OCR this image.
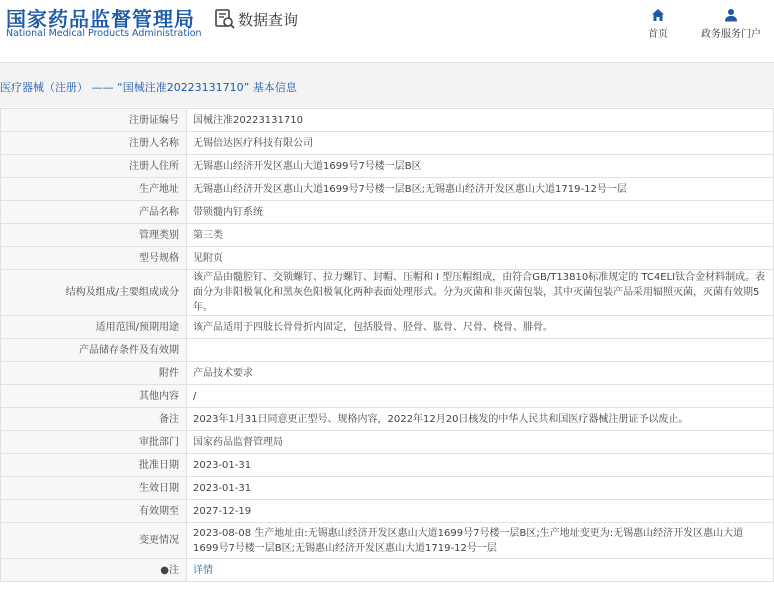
国家药品监督管理局
National Medical Products Administration
数据查询
首页	政务服务门户
医疗器械（注册） —— “国械注准20223131710” 基本信息
注册证编号	国械注准20223131710
注册人名称	无锡倍达医疗科技有限公司
注册人住所	无锡惠山经济开发区惠山大道1699号7号楼一层B区
生产地址	无锡惠山经济开发区惠山大道1699号7号楼一层B区;无锡惠山经济开发区惠山大道1719-12号一层
产品名称	带锁髓内钉系统
管理类别	第三类
型号规格	见附页
结构及组成/主要组成成分	该产品由髓腔钉、交锁螺钉、拉力螺钉、封帽、压帽和 I 型压帽组成，由符合GB/T13810标准规定的 TC4ELI钛合金材料制成。表面分为非阳极氧化和黑灰色阳极氧化两种表面处理形式。分为灭菌和非灭菌包装，其中灭菌包装产品采用辐照灭菌，灭菌有效期5年。
适用范围/预期用途	该产品适用于四肢长骨骨折内固定，包括股骨、胫骨、肱骨、尺骨、桡骨、腓骨。
产品储存条件及有效期	
附件	产品技术要求
其他内容	/
备注	2023年1月31日同意更正型号、规格内容，2022年12月20日核发的中华人民共和国医疗器械注册证予以废止。
审批部门	国家药品监督管理局
批准日期	2023-01-31
生效日期	2023-01-31
有效期至	2027-12-19
变更情况	2023-08-08 生产地址由:无锡惠山经济开发区惠山大道1699号7号楼一层B区;生产地址变更为:无锡惠山经济开发区惠山大道1699号7号楼一层B区;无锡惠山经济开发区惠山大道1719-12号一层
●注	详情
